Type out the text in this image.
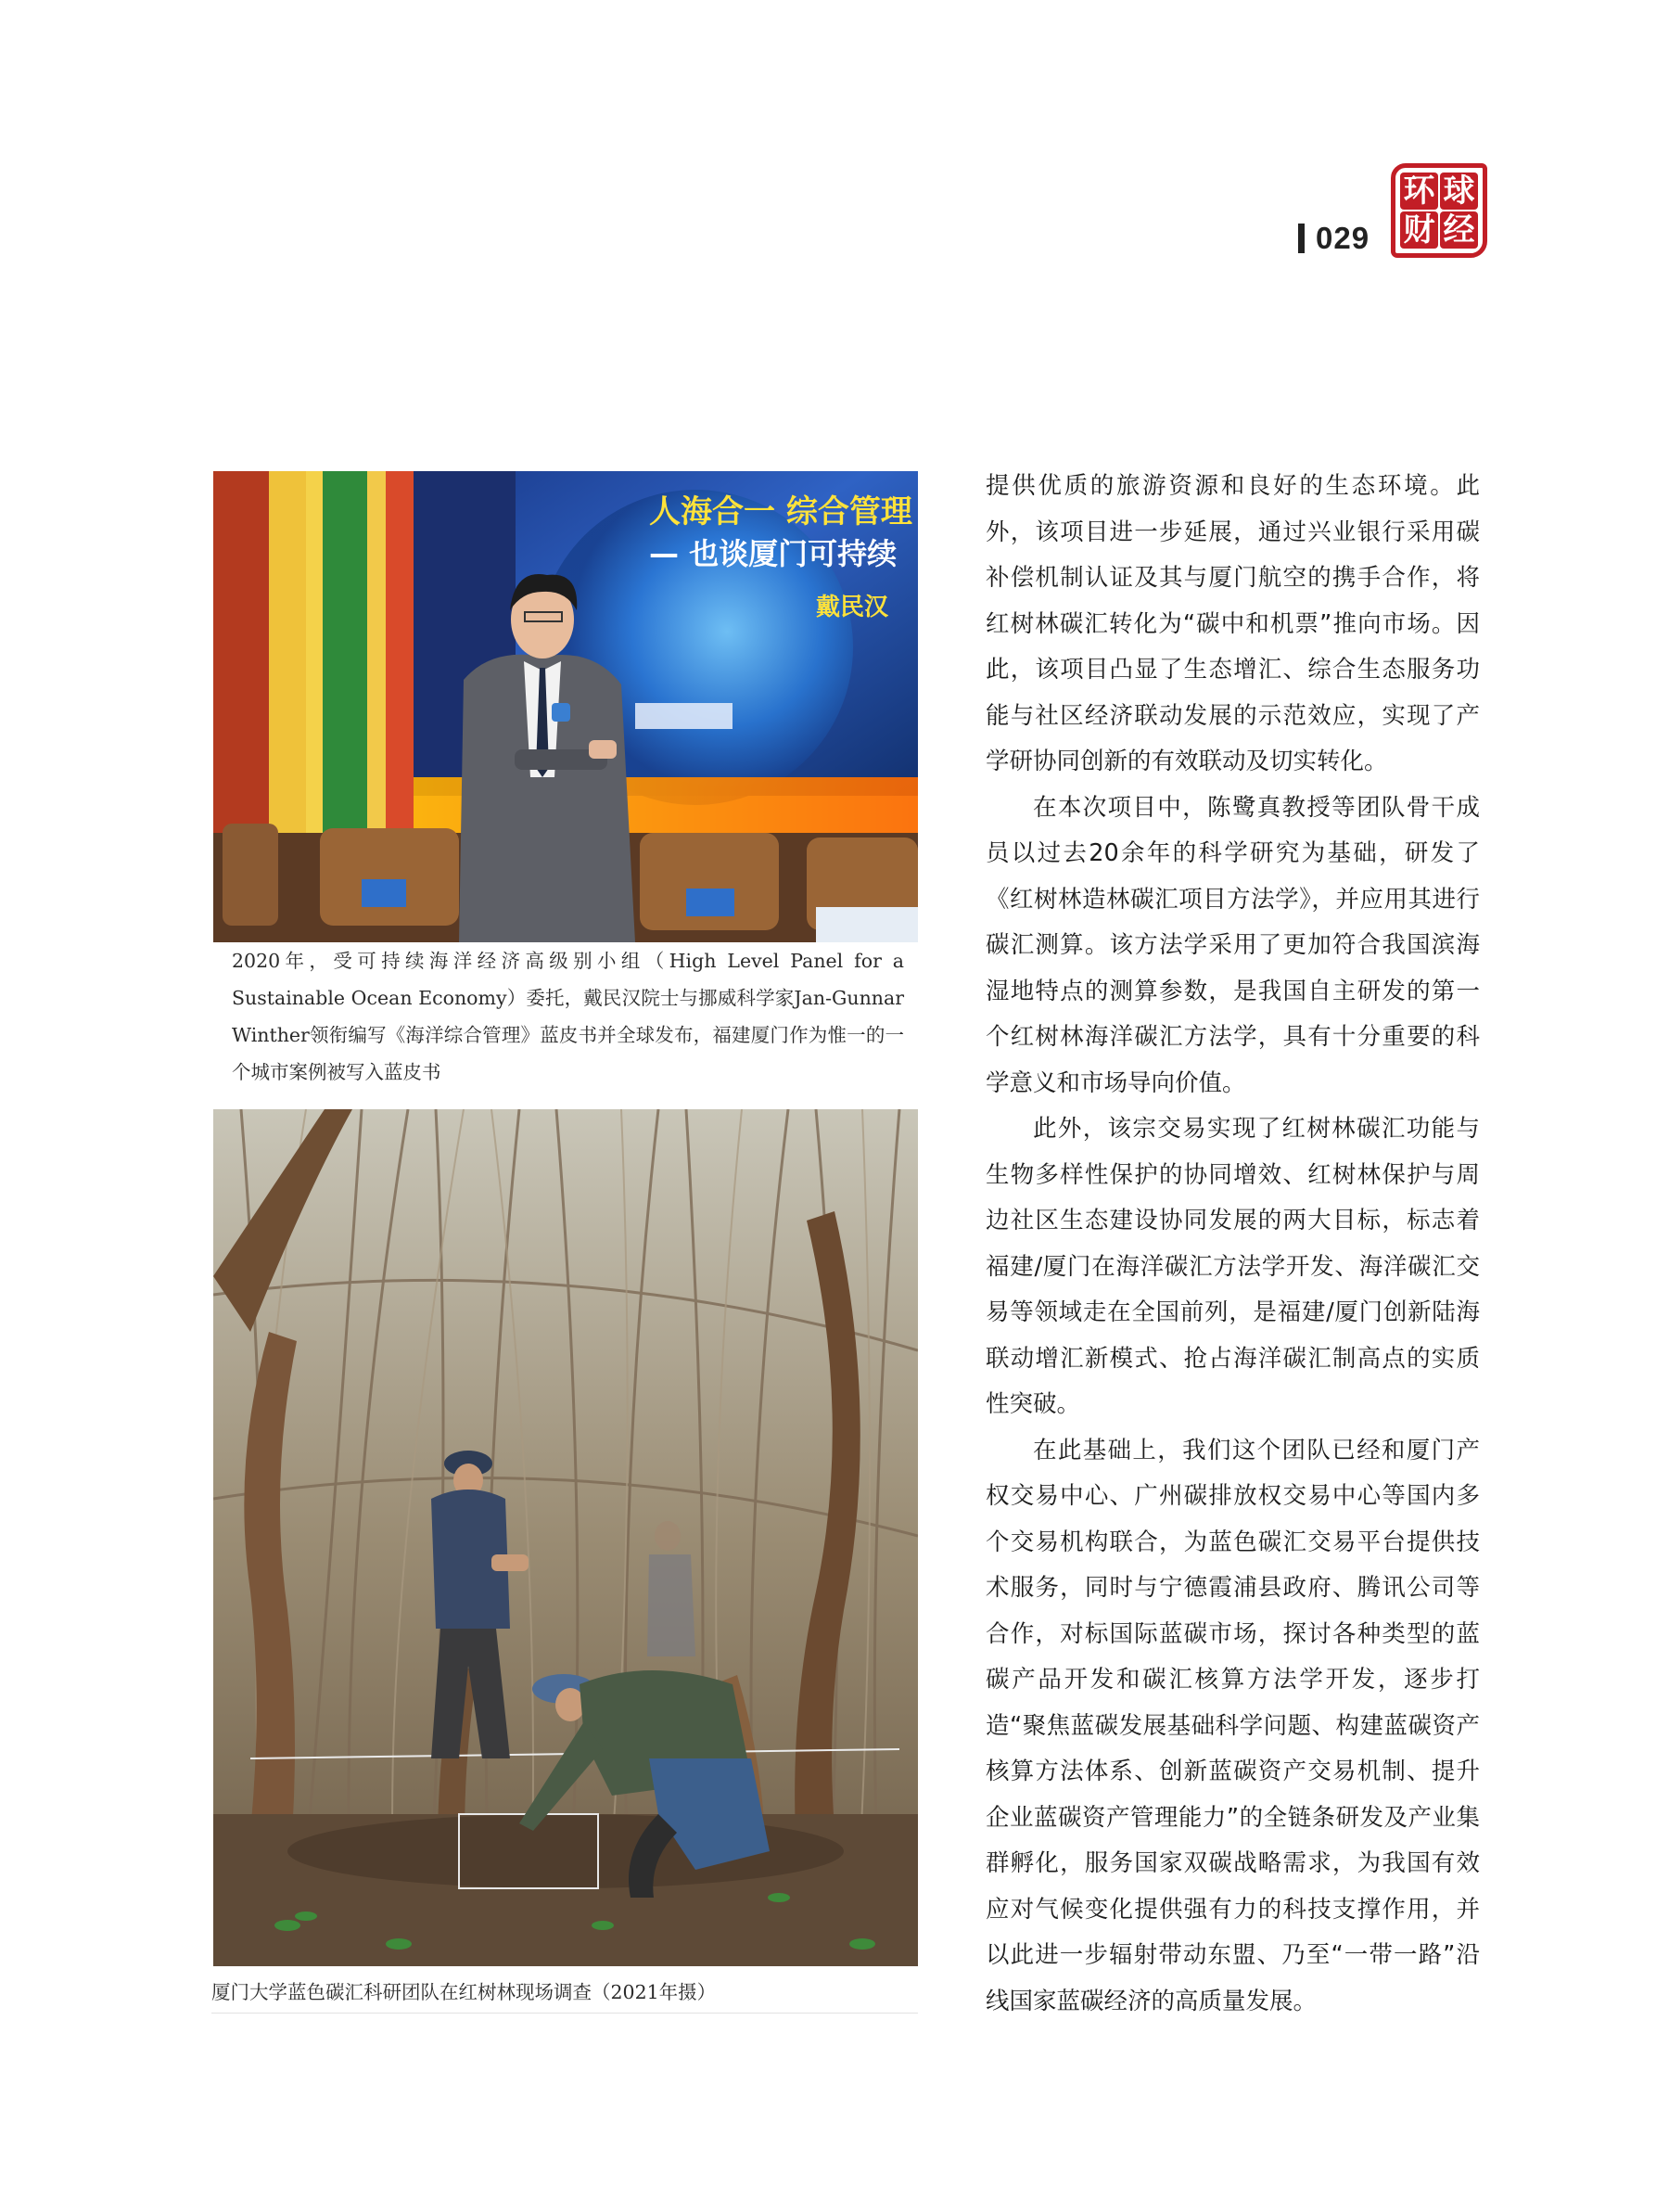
029
环 球
财 经
人海合一 综合管理
— 也谈厦门可持续
戴民汉
2020年，受可持续海洋经济高级别小组（High Level Panel for a Sustainable Ocean Economy）委托，戴民汉院士与挪威科学家Jan-Gunnar Winther领衔编写《海洋综合管理》蓝皮书并全球发布，福建厦门作为惟一的一个城市案例被写入蓝皮书
厦门大学蓝色碳汇科研团队在红树林现场调查（2021年摄）

提供优质的旅游资源和良好的生态环境。此外，该项目进一步延展，通过兴业银行采用碳补偿机制认证及其与厦门航空的携手合作，将红树林碳汇转化为“碳中和机票”推向市场。因此，该项目凸显了生态增汇、综合生态服务功能与社区经济联动发展的示范效应，实现了产学研协同创新的有效联动及切实转化。

在本次项目中，陈鹭真教授等团队骨干成员以过去20余年的科学研究为基础，研发了《红树林造林碳汇项目方法学》，并应用其进行碳汇测算。该方法学采用了更加符合我国滨海湿地特点的测算参数，是我国自主研发的第一个红树林海洋碳汇方法学，具有十分重要的科学意义和市场导向价值。

此外，该宗交易实现了红树林碳汇功能与生物多样性保护的协同增效、红树林保护与周边社区生态建设协同发展的两大目标，标志着福建/厦门在海洋碳汇方法学开发、海洋碳汇交易等领域走在全国前列，是福建/厦门创新陆海联动增汇新模式、抢占海洋碳汇制高点的实质性突破。

在此基础上，我们这个团队已经和厦门产权交易中心、广州碳排放权交易中心等国内多个交易机构联合，为蓝色碳汇交易平台提供技术服务，同时与宁德霞浦县政府、腾讯公司等合作，对标国际蓝碳市场，探讨各种类型的蓝碳产品开发和碳汇核算方法学开发，逐步打造“聚焦蓝碳发展基础科学问题、构建蓝碳资产核算方法体系、创新蓝碳资产交易机制、提升企业蓝碳资产管理能力”的全链条研发及产业集群孵化，服务国家双碳战略需求，为我国有效应对气候变化提供强有力的科技支撑作用，并以此进一步辐射带动东盟、乃至“一带一路”沿线国家蓝碳经济的高质量发展。
